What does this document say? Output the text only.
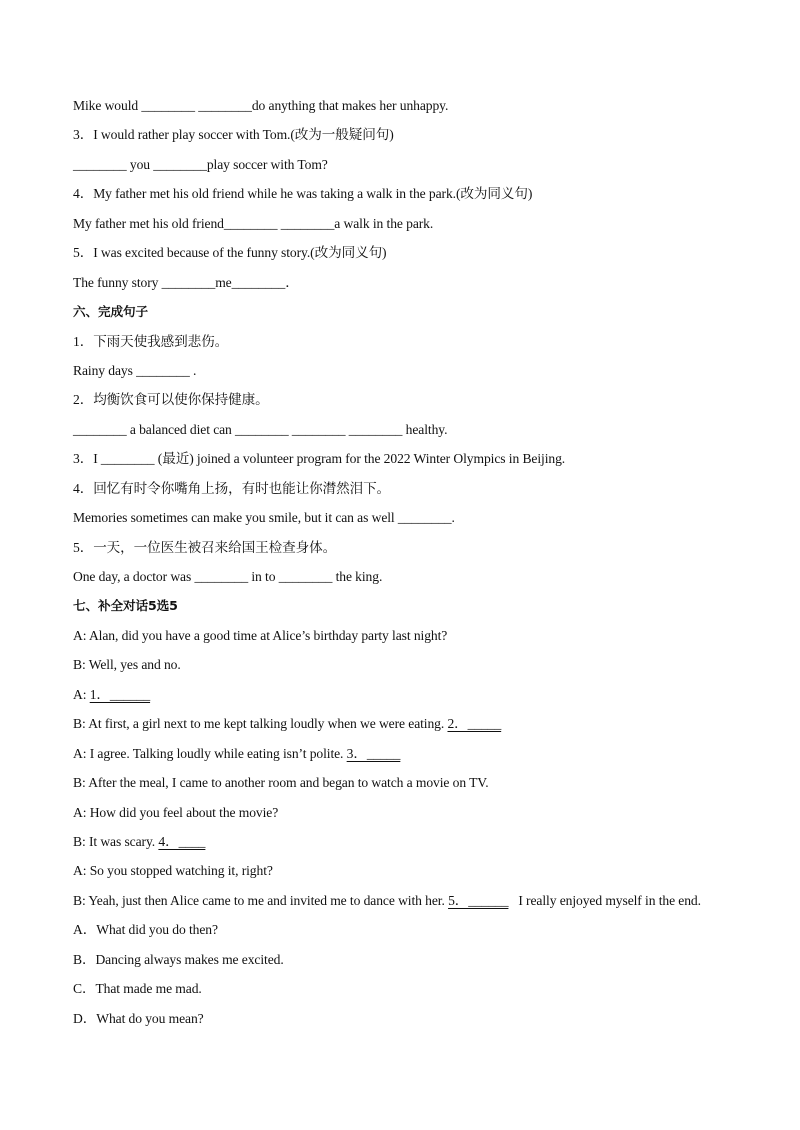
Mike would ________ ________do anything that makes her unhappy.
3．I would rather play soccer with Tom.(改为一般疑问句)
________ you ________play soccer with Tom?
4．My father met his old friend while he was taking a walk in the park.(改为同义句)
My father met his old friend________ ________a walk in the park.
5．I was excited because of the funny story.(改为同义句)
The funny story ________me________．
六、完成句子
1．下雨天使我感到悲伤。
Rainy days ________ .
2．均衡饮食可以使你保持健康。
________ a balanced diet can ________ ________ ________ healthy.
3．I ________ (最近) joined a volunteer program for the 2022 Winter Olympics in Beijing.
4．回忆有时令你嘴角上扬，有时也能让你潸然泪下。
Memories sometimes can make you smile, but it can as well ________.
5．一天，一位医生被召来给国王检查身体。
One day, a doctor was ________ in to ________ the king.
七、补全对话5选5
A: Alan, did you have a good time at Alice’s birthday party last night?
B: Well, yes and no.
A: 1．______
B: At first, a girl next to me kept talking loudly when we were eating. 2．_____
A: I agree. Talking loudly while eating isn’t polite. 3．_____
B: After the meal, I came to another room and began to watch a movie on TV.
A: How did you feel about the movie?
B: It was scary. 4．____
A: So you stopped watching it, right?
B: Yeah, just then Alice came to me and invited me to dance with her. 5．______   I really enjoyed myself in the end.
A．What did you do then?
B．Dancing always makes me excited.
C．That made me mad.
D．What do you mean?
